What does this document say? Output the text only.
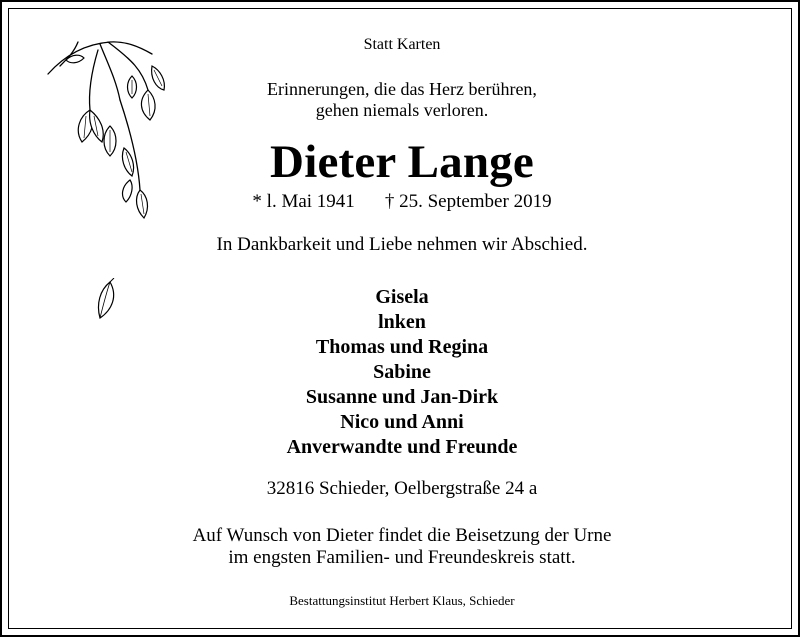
Statt Karten
Erinnerungen, die das Herz berühren,
gehen niemals verloren.
Dieter Lange
* l. Mai 1941 † 25. September 2019
In Dankbarkeit und Liebe nehmen wir Abschied.
Gisela
lnken
Thomas und Regina
Sabine
Susanne und Jan-Dirk
Nico und Anni
Anverwandte und Freunde
32816 Schieder, Oelbergstraße 24 a
Auf Wunsch von Dieter findet die Beisetzung der Urne
im engsten Familien- und Freundeskreis statt.
Bestattungsinstitut Herbert Klaus, Schieder
